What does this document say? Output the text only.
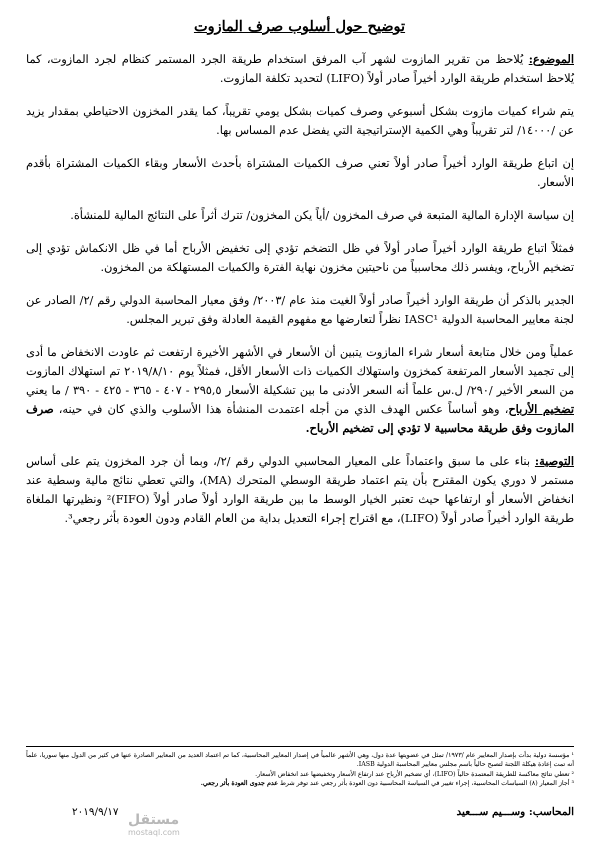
توضيح حول أسلوب صرف المازوت

الموضوع: يُلاحظ من تقرير المازوت لشهر آب المرفق استخدام طريقة الجرد المستمر كنظام لجرد المازوت، كما يُلاحظ استخدام طريقة الوارد أخيراً صادر أولاً (LIFO) لتحديد تكلفة المازوت.

يتم شراء كميات مازوت بشكل أسبوعي وصرف كميات بشكل يومي تقريباً، كما يقدر المخزون الاحتياطي بمقدار يزيد عن /١٤٠٠٠/ لتر تقريباً وهي الكمية الإستراتيجية التي يفضل عدم المساس بها.

إن اتباع طريقة الوارد أخيراً صادر أولاً تعني صرف الكميات المشتراة بأحدث الأسعار وبقاء الكميات المشتراة بأقدم الأسعار.

إن سياسة الإدارة المالية المتبعة في صرف المخزون /أياً يكن المخزون/ تترك أثراً على النتائج المالية للمنشأة.

فمثلاً اتباع طريقة الوارد أخيراً صادر أولاً في ظل التضخم تؤدي إلى تخفيض الأرباح أما في ظل الانكماش تؤدي إلى تضخيم الأرباح، ويفسر ذلك محاسبياً من ناحيتين مخزون نهاية الفترة والكميات المستهلكة من المخزون.

الجدير بالذكر أن طريقة الوارد أخيراً صادر أولاً الغيت منذ عام /٢٠٠٣/ وفق معيار المحاسبة الدولي رقم /٢/ الصادر عن لجنة معايير المحاسبة الدولية IASC¹ نظراً لتعارضها مع مفهوم القيمة العادلة وفق تبرير المجلس.

عملياً ومن خلال متابعة أسعار شراء المازوت يتبين أن الأسعار في الأشهر الأخيرة ارتفعت ثم عاودت الانخفاض ما أدى إلى تجميد الأسعار المرتفعة كمخزون واستهلاك الكميات ذات الأسعار الأقل، فمثلاً يوم ٢٠١٩/٨/١٠ تم استهلاك المازوت من السعر الأخير /٢٩٠/ ل.س علماً أنه السعر الأدنى ما بين تشكيلة الأسعار ٢٩٥,٥ - ٤٠٧ - ٣٦٥ - ٤٢٥ - ٣٩٠ / ما يعني تضخيم الأرباح، وهو أساساً عكس الهدف الذي من أجله اعتمدت المنشأة هذا الأسلوب والذي كان في حينه، صرف المازوت وفق طريقة محاسبية لا تؤدي إلى تضخيم الأرباح.

التوصية: بناء على ما سبق واعتماداً على المعيار المحاسبي الدولي رقم /٢/، وبما أن جرد المخزون يتم على أساس مستمر لا دوري يكون المقترح بأن يتم اعتماد طريقة الوسطي المتحرك (MA)، والتي تعطي نتائج مالية وسطية عند انخفاض الأسعار أو ارتفاعها حيث تعتبر الخيار الوسط ما بين طريقة الوارد أولاً صادر أولاً (FIFO)² ونظيرتها الملغاة طريقة الوارد أخيراً صادر أولاً (LIFO)، مع اقتراح إجراء التعديل بداية من العام القادم ودون العودة بأثر رجعي³.

¹ مؤسسة دولية بدأت بإصدار المعايير عام /١٩٧٣/ تمثل في عضويتها عدة دول، وهي الأشهر عالمياً في إصدار المعايير المحاسبية، كما تم اعتماد العديد من المعايير الصادرة عنها في كثير من الدول منها سوريا، علماً أنه تمت إعادة هيكلة اللجنة لتصبح حالياً باسم مجلس معايير المحاسبة الدولية IASB.

² تعطي نتائج معاكسة للطريقة المعتمدة حالياً (LIFO)، أي تضخيم الأرباح عند ارتفاع الأسعار وتخفيضها عند انخفاض الأسعار.

³ أجاز المعيار (٨) السياسات المحاسبية، إجراء تغيير في السياسة المحاسبية دون العودة بأثر رجعي عند توفر شرط عدم جدوى العودة بأثر رجعي.

المحاسب: وســـيم ســـعيد
٢٠١٩/٩/١٧ مستقل
mostaql.com
